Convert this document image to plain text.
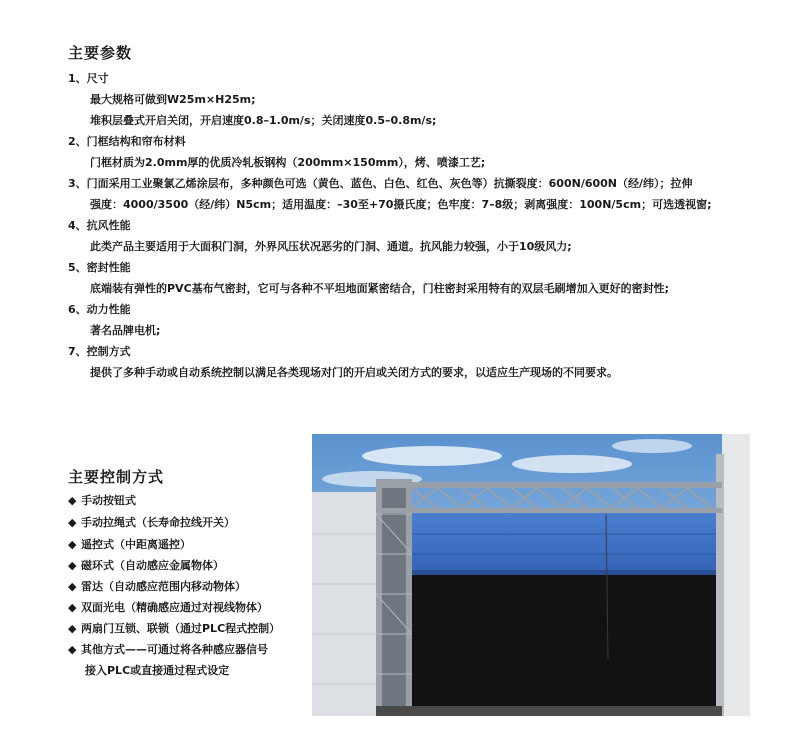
主要参数
1、尺寸
最大规格可做到W25m×H25m;
堆积层叠式开启关闭，开启速度0.8–1.0m/s；关闭速度0.5–0.8m/s;
2、门框结构和帘布材料
门框材质为2.0mm厚的优质冷轧板钢构（200mm×150mm），烤、喷漆工艺;
3、门面采用工业聚氯乙烯涂层布，多种颜色可选（黄色、蓝色、白色、红色、灰色等）抗撕裂度：600N/600N（经/纬）；拉伸
强度：4000/3500（经/纬）N5cm；适用温度：–30至+70摄氏度；色牢度：7–8级；剥离强度：100N/5cm；可选透视窗;
4、抗风性能
此类产品主要适用于大面积门洞，外界风压状况恶劣的门洞、通道。抗风能力较强，小于10级风力;
5、密封性能
底端装有弹性的PVC基布气密封，它可与各种不平坦地面紧密结合，门柱密封采用特有的双层毛刷增加入更好的密封性;
6、动力性能
著名品牌电机;
7、控制方式
提供了多种手动或自动系统控制以满足各类现场对门的开启或关闭方式的要求，以适应生产现场的不同要求。
主要控制方式
◆ 手动按钮式
◆ 手动拉绳式（长寿命拉线开关）
◆ 遥控式（中距离遥控）
◆ 磁环式（自动感应金属物体）
◆ 雷达（自动感应范围内移动物体）
◆ 双面光电（精确感应通过对视线物体）
◆ 两扇门互锁、联锁（通过PLC程式控制）
◆ 其他方式——可通过将各种感应器信号
接入PLC或直接通过程式设定
